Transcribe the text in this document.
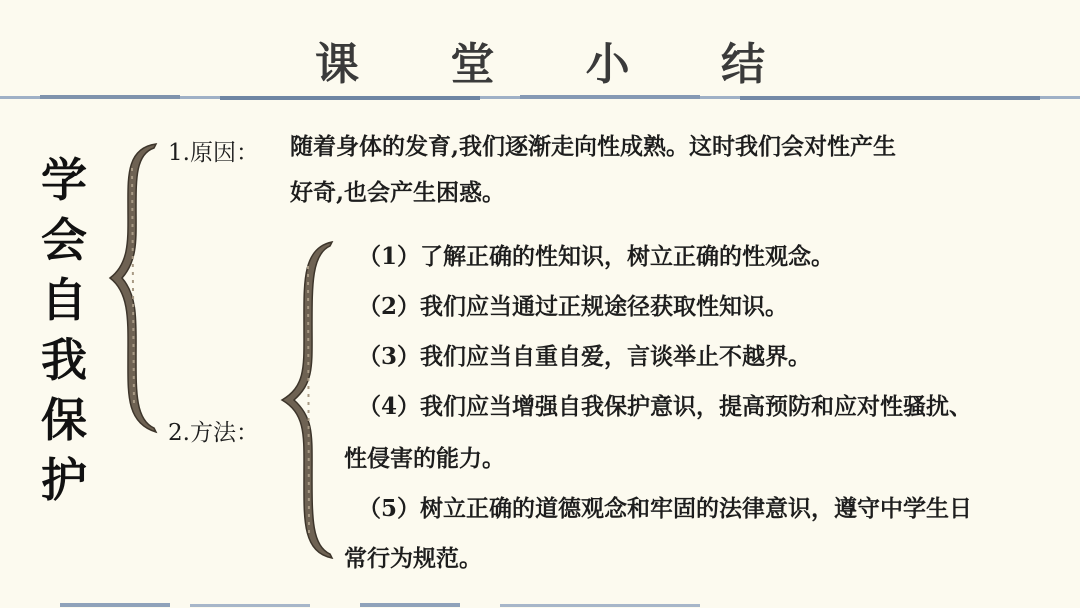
课 堂 小 结
学
会
自
我
保
护
1.原因：
2.方法：
随着身体的发育,我们逐渐走向性成熟。这时我们会对性产生
好奇,也会产生困惑。
（1）了解正确的性知识，树立正确的性观念。
（2）我们应当通过正规途径获取性知识。
（3）我们应当自重自爱，言谈举止不越界。
（4）我们应当增强自我保护意识，提高预防和应对性骚扰、
性侵害的能力。
（5）树立正确的道德观念和牢固的法律意识，遵守中学生日
常行为规范。
